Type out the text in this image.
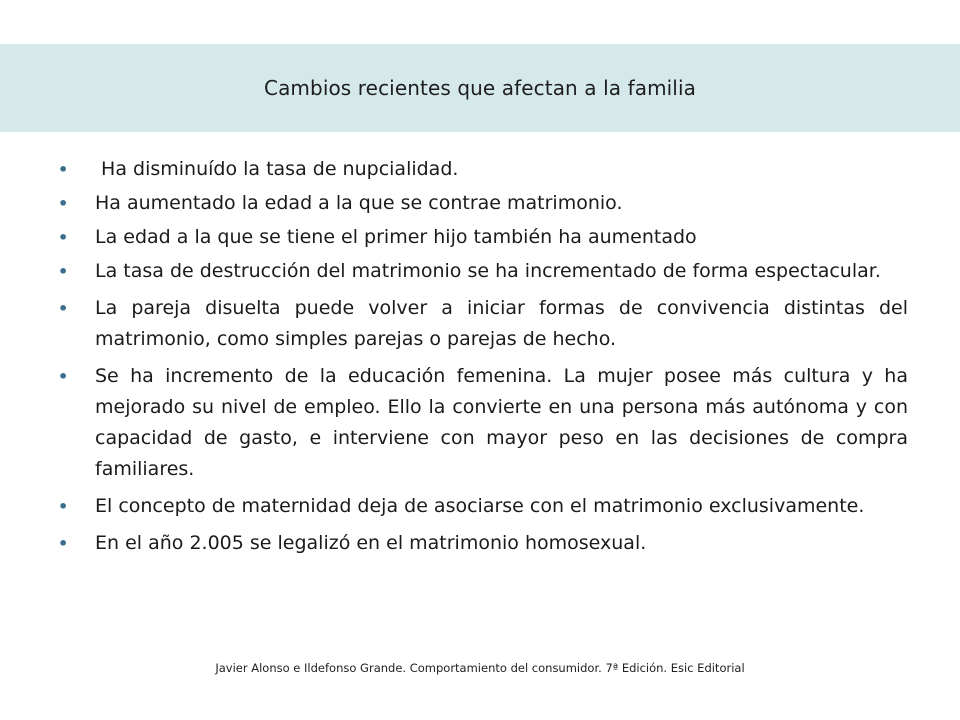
Cambios recientes que afectan a la familia
• Ha disminuído la tasa de nupcialidad.
• Ha aumentado la edad a la que se contrae matrimonio.
• La edad a la que se tiene el primer hijo también ha aumentado
• La tasa de destrucción del matrimonio se ha incrementado de forma espectacular.
• La pareja disuelta puede volver a iniciar formas de convivencia distintas del matrimonio, como simples parejas o parejas de hecho.
• Se ha incremento de la educación femenina. La mujer posee más cultura y ha mejorado su nivel de empleo. Ello la convierte en una persona más autónoma y con capacidad de gasto, e interviene con mayor peso en las decisiones de compra familiares.
• El concepto de maternidad deja de asociarse con el matrimonio exclusivamente.
• En el año 2.005 se legalizó en el matrimonio homosexual.
Javier Alonso e Ildefonso Grande. Comportamiento del consumidor. 7ª Edición. Esic Editorial
